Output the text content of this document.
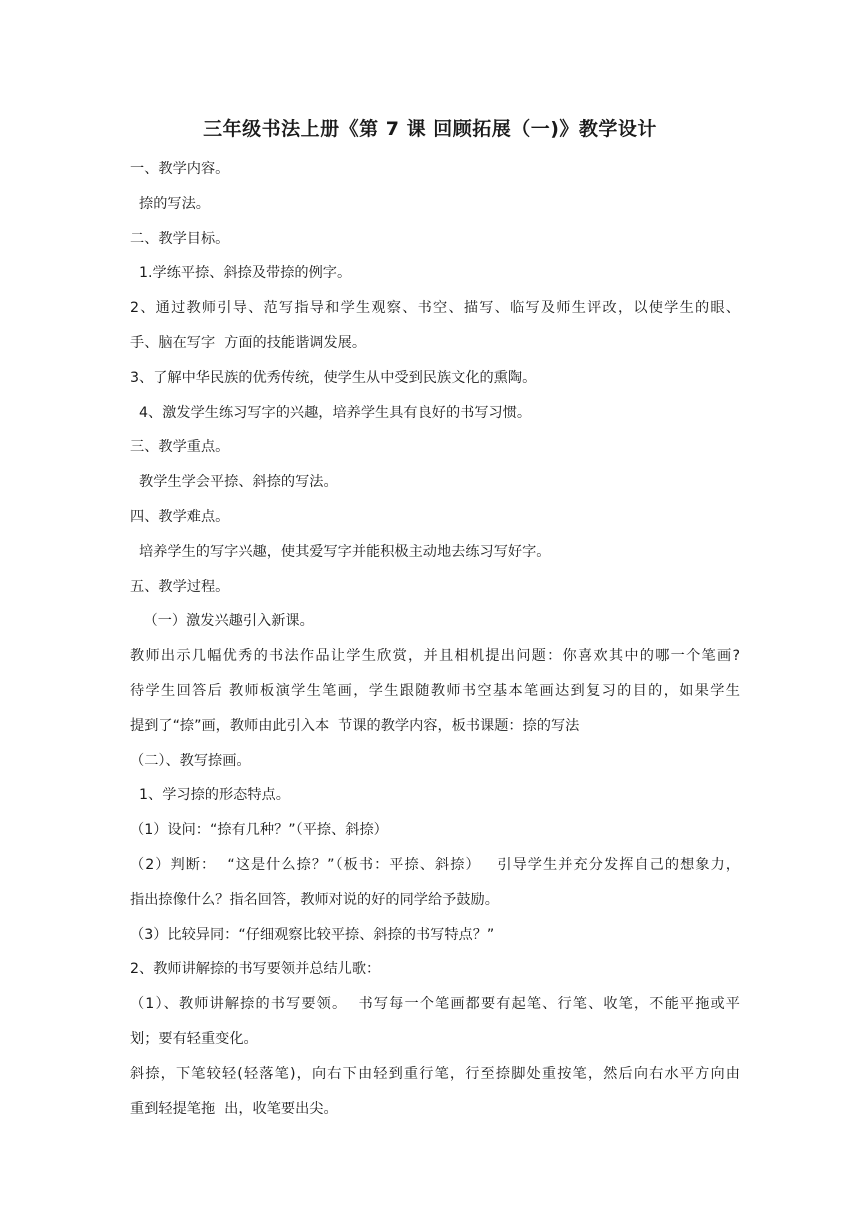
三年级书法上册《第 7 课 回顾拓展（一)》教学设计
一、教学内容。
捺的写法。
二、教学目标。
1.学练平捺、斜捺及带捺的例字。
2、通过教师引导、范写指导和学生观察、书空、描写、临写及师生评改，以使学生的眼、
手、脑在写字  方面的技能谐调发展。
3、了解中华民族的优秀传统，使学生从中受到民族文化的熏陶。
4、激发学生练习写字的兴趣，培养学生具有良好的书写习惯。
三、教学重点。
教学生学会平捺、斜捺的写法。
四、教学难点。
培养学生的写字兴趣，使其爱写字并能积极主动地去练习写好字。
五、教学过程。
（一）激发兴趣引入新课。
教师出示几幅优秀的书法作品让学生欣赏，并且相机提出问题：你喜欢其中的哪一个笔画?
待学生回答后 教师板演学生笔画，学生跟随教师书空基本笔画达到复习的目的，如果学生
提到了“捺”画，教师由此引入本  节课的教学内容，板书课题：捺的写法
（二）、教写捺画。
1、学习捺的形态特点。
（1）设问：“捺有几种？”（平捺、斜捺）
（2）判断：  “这是什么捺？”（板书：平捺、斜捺）   引导学生并充分发挥自己的想象力，
指出捺像什么？指名回答，教师对说的好的同学给予鼓励。
（3）比较异同：“仔细观察比较平捺、斜捺的书写特点？”
2、教师讲解捺的书写要领并总结儿歌：
（1）、教师讲解捺的书写要领。  书写每一个笔画都要有起笔、行笔、收笔，不能平拖或平
划；要有轻重变化。
斜捺，下笔较轻(轻落笔)，向右下由轻到重行笔，行至捺脚处重按笔，然后向右水平方向由
重到轻提笔拖  出，收笔要出尖。
